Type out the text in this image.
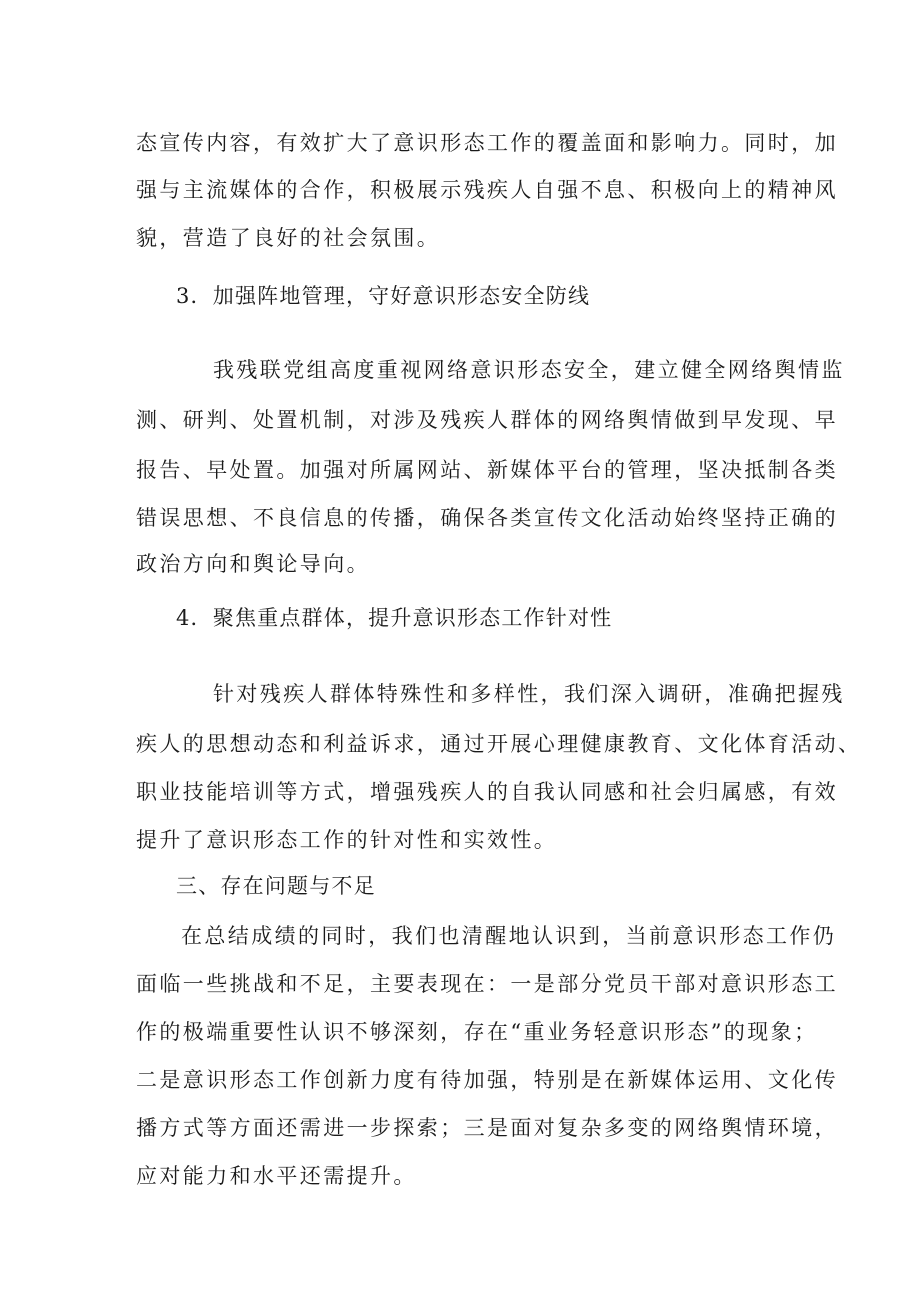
态宣传内容，有效扩大了意识形态工作的覆盖面和影响力。同时，加
强与主流媒体的合作，积极展示残疾人自强不息、积极向上的精神风
貌，营造了良好的社会氛围。
3．加强阵地管理，守好意识形态安全防线
我残联党组高度重视网络意识形态安全，建立健全网络舆情监
测、研判、处置机制，对涉及残疾人群体的网络舆情做到早发现、早
报告、早处置。加强对所属网站、新媒体平台的管理，坚决抵制各类
错误思想、不良信息的传播，确保各类宣传文化活动始终坚持正确的
政治方向和舆论导向。
4．聚焦重点群体，提升意识形态工作针对性
针对残疾人群体特殊性和多样性，我们深入调研，准确把握残
疾人的思想动态和利益诉求，通过开展心理健康教育、文化体育活动、
职业技能培训等方式，增强残疾人的自我认同感和社会归属感，有效
提升了意识形态工作的针对性和实效性。
三、存在问题与不足
在总结成绩的同时，我们也清醒地认识到，当前意识形态工作仍
面临一些挑战和不足，主要表现在：一是部分党员干部对意识形态工
作的极端重要性认识不够深刻，存在“重业务轻意识形态”的现象；
二是意识形态工作创新力度有待加强，特别是在新媒体运用、文化传
播方式等方面还需进一步探索；三是面对复杂多变的网络舆情环境，
应对能力和水平还需提升。
